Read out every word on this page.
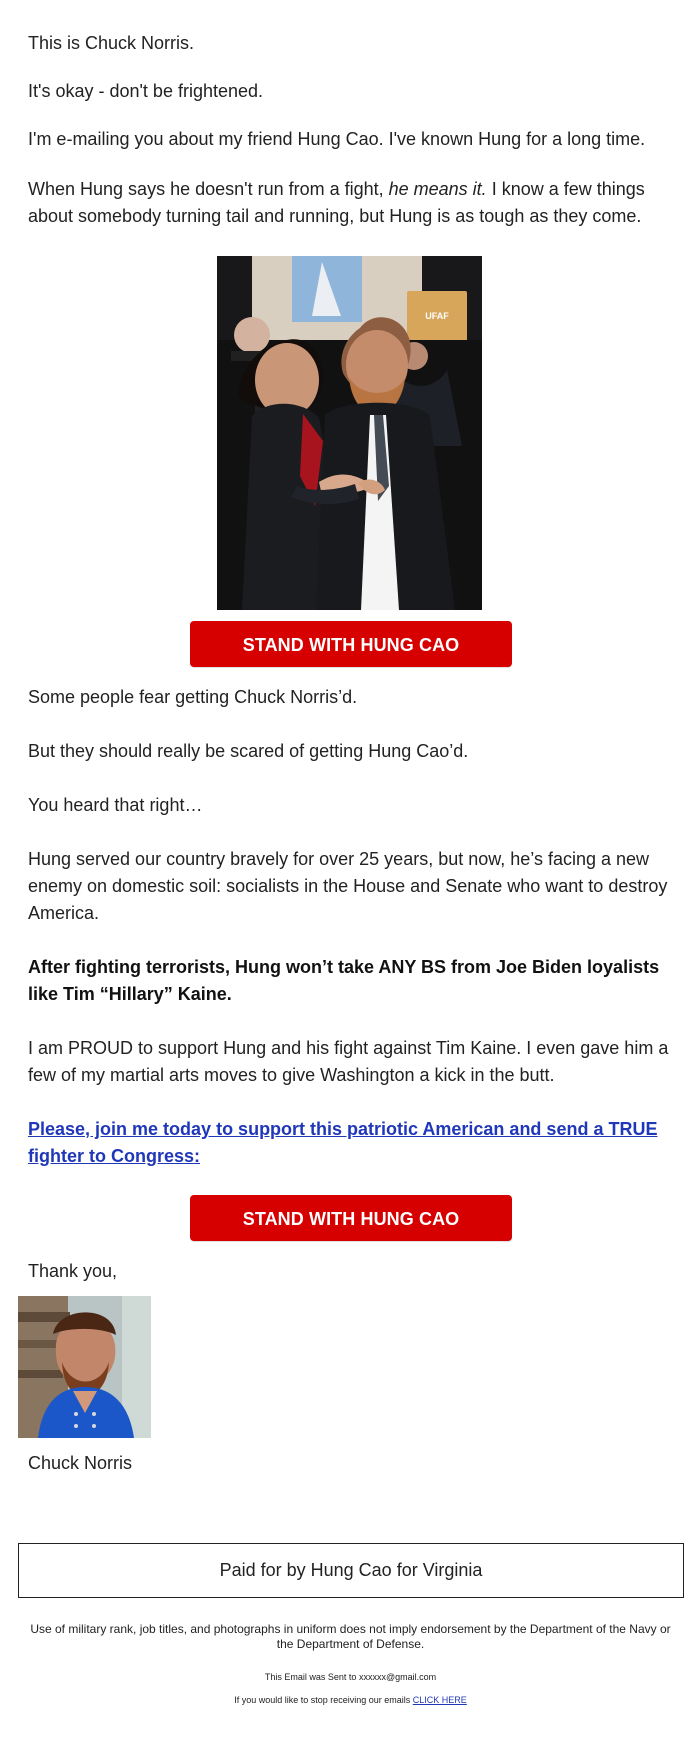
This is Chuck Norris.

It's okay - don't be frightened.

I'm e-mailing you about my friend Hung Cao. I've known Hung for a long time.

When Hung says he doesn't run from a fight, he means it. I know a few things about somebody turning tail and running, but Hung is as tough as they come.

UFAF
STAND WITH HUNG CAO

Some people fear getting Chuck Norris’d.

But they should really be scared of getting Hung Cao’d.

You heard that right…

Hung served our country bravely for over 25 years, but now, he’s facing a new enemy on domestic soil: socialists in the House and Senate who want to destroy America.

After fighting terrorists, Hung won’t take ANY BS from Joe Biden loyalists like Tim “Hillary” Kaine.

I am PROUD to support Hung and his fight against Tim Kaine. I even gave him a few of my martial arts moves to give Washington a kick in the butt.

Please, join me today to support this patriotic American and send a TRUE fighter to Congress:

STAND WITH HUNG CAO

Thank you,

Chuck Norris

Paid for by Hung Cao for Virginia
Use of military rank, job titles, and photographs in uniform does not imply endorsement by the Department of the Navy or the Department of Defense.
This Email was Sent to xxxxxx@gmail.com
If you would like to stop receiving our emails CLICK HERE
